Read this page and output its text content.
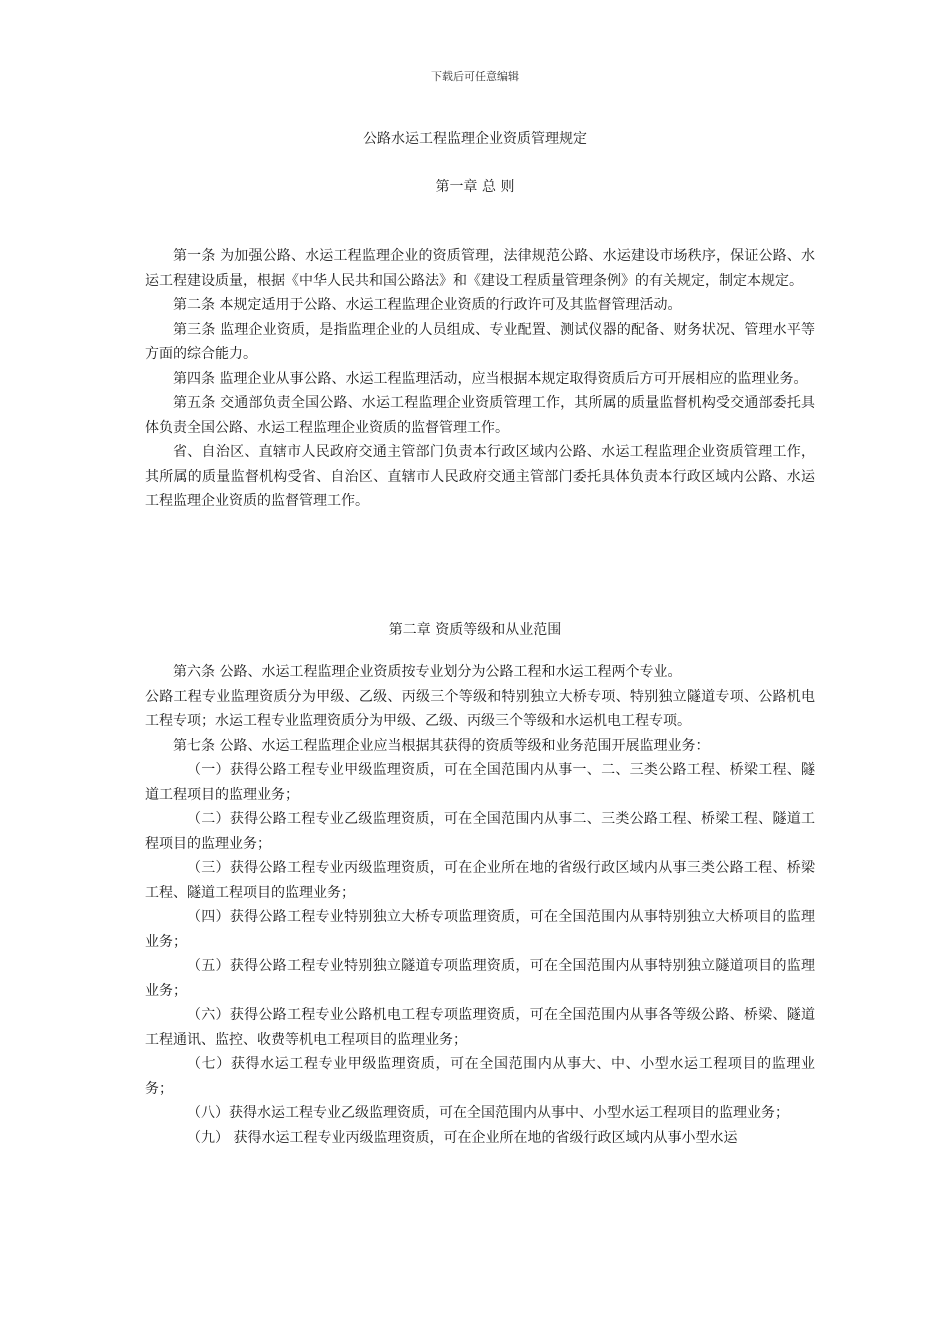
下载后可任意编辑
公路水运工程监理企业资质管理规定
第一章 总 则

第一条 为加强公路、水运工程监理企业的资质管理，法律规范公路、水运建设市场秩序，保证公路、水运工程建设质量，根据《中华人民共和国公路法》和《建设工程质量管理条例》的有关规定，制定本规定。

第二条 本规定适用于公路、水运工程监理企业资质的行政许可及其监督管理活动。

第三条 监理企业资质，是指监理企业的人员组成、专业配置、测试仪器的配备、财务状况、管理水平等方面的综合能力。

第四条 监理企业从事公路、水运工程监理活动，应当根据本规定取得资质后方可开展相应的监理业务。

第五条 交通部负责全国公路、水运工程监理企业资质管理工作，其所属的质量监督机构受交通部委托具体负责全国公路、水运工程监理企业资质的监督管理工作。

省、自治区、直辖市人民政府交通主管部门负责本行政区域内公路、水运工程监理企业资质管理工作，其所属的质量监督机构受省、自治区、直辖市人民政府交通主管部门委托具体负责本行政区域内公路、水运工程监理企业资质的监督管理工作。

第二章 资质等级和从业范围

第六条 公路、水运工程监理企业资质按专业划分为公路工程和水运工程两个专业。

公路工程专业监理资质分为甲级、乙级、丙级三个等级和特别独立大桥专项、特别独立隧道专项、公路机电工程专项；水运工程专业监理资质分为甲级、乙级、丙级三个等级和水运机电工程专项。

第七条 公路、水运工程监理企业应当根据其获得的资质等级和业务范围开展监理业务：

（一）获得公路工程专业甲级监理资质，可在全国范围内从事一、二、三类公路工程、桥梁工程、隧道工程项目的监理业务；

（二）获得公路工程专业乙级监理资质，可在全国范围内从事二、三类公路工程、桥梁工程、隧道工程项目的监理业务；

（三）获得公路工程专业丙级监理资质，可在企业所在地的省级行政区域内从事三类公路工程、桥梁工程、隧道工程项目的监理业务；

（四）获得公路工程专业特别独立大桥专项监理资质，可在全国范围内从事特别独立大桥项目的监理业务；

（五）获得公路工程专业特别独立隧道专项监理资质，可在全国范围内从事特别独立隧道项目的监理业务；

（六）获得公路工程专业公路机电工程专项监理资质，可在全国范围内从事各等级公路、桥梁、隧道工程通讯、监控、收费等机电工程项目的监理业务；

（七）获得水运工程专业甲级监理资质，可在全国范围内从事大、中、小型水运工程项目的监理业务；

（八）获得水运工程专业乙级监理资质，可在全国范围内从事中、小型水运工程项目的监理业务；

（九） 获得水运工程专业丙级监理资质，可在企业所在地的省级行政区域内从事小型水运
